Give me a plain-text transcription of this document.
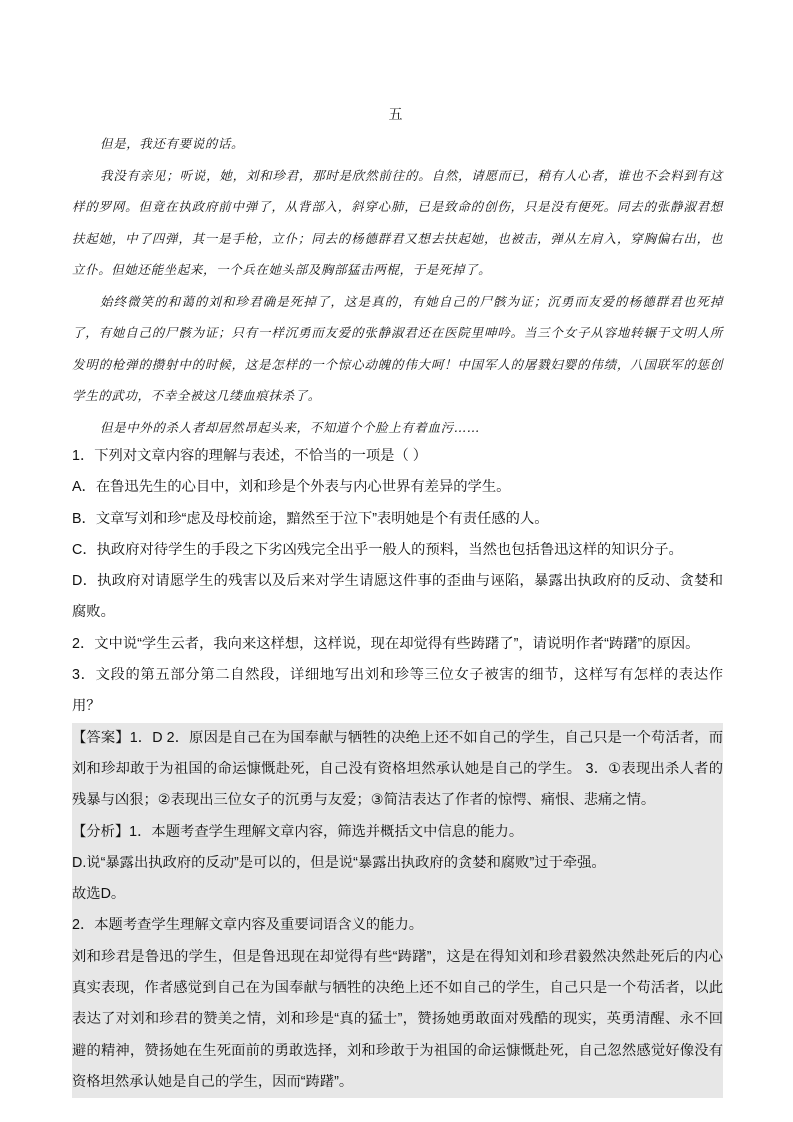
五

但是，我还有要说的话。

我没有亲见；听说，她，刘和珍君，那时是欣然前往的。自然，请愿而已，稍有人心者，谁也不会料到有这样的罗网。但竟在执政府前中弹了，从背部入，斜穿心肺，已是致命的创伤，只是没有便死。同去的张静淑君想扶起她，中了四弹，其一是手枪，立仆；同去的杨德群君又想去扶起她，也被击，弹从左肩入，穿胸偏右出，也立仆。但她还能坐起来，一个兵在她头部及胸部猛击两棍，于是死掉了。

始终微笑的和蔼的刘和珍君确是死掉了，这是真的，有她自己的尸骸为证；沉勇而友爱的杨德群君也死掉了，有她自己的尸骸为证；只有一样沉勇而友爱的张静淑君还在医院里呻吟。当三个女子从容地转辗于文明人所发明的枪弹的攒射中的时候，这是怎样的一个惊心动魄的伟大呵！中国军人的屠戮妇婴的伟绩，八国联军的惩创学生的武功，不幸全被这几缕血痕抹杀了。

但是中外的杀人者却居然昂起头来，不知道个个脸上有着血污……

1．下列对文章内容的理解与表述，不恰当的一项是（ ）

A．在鲁迅先生的心目中，刘和珍是个外表与内心世界有差异的学生。

B．文章写刘和珍“虑及母校前途，黯然至于泣下”表明她是个有责任感的人。

C．执政府对待学生的手段之下劣凶残完全出乎一般人的预料，当然也包括鲁迅这样的知识分子。

D．执政府对请愿学生的残害以及后来对学生请愿这件事的歪曲与诬陷，暴露出执政府的反动、贪婪和腐败。

2．文中说“学生云者，我向来这样想，这样说，现在却觉得有些踌躇了”，请说明作者“踌躇”的原因。

3．文段的第五部分第二自然段，详细地写出刘和珍等三位女子被害的细节，这样写有怎样的表达作用？

【答案】1．D 2．原因是自己在为国奉献与牺牲的决绝上还不如自己的学生，自己只是一个苟活者，而刘和珍却敢于为祖国的命运慷慨赴死，自己没有资格坦然承认她是自己的学生。 3．①表现出杀人者的残暴与凶狠；②表现出三位女子的沉勇与友爱；③简洁表达了作者的惊愕、痛恨、悲痛之情。

【分析】1．本题考查学生理解文章内容，筛选并概括文中信息的能力。

D.说“暴露出执政府的反动”是可以的，但是说“暴露出执政府的贪婪和腐败”过于牵强。

故选D。

2．本题考查学生理解文章内容及重要词语含义的能力。

刘和珍君是鲁迅的学生，但是鲁迅现在却觉得有些“踌躇”，这是在得知刘和珍君毅然决然赴死后的内心真实表现，作者感觉到自己在为国奉献与牺牲的决绝上还不如自己的学生，自己只是一个苟活者，以此表达了对刘和珍君的赞美之情，刘和珍是“真的猛士”，赞扬她勇敢面对残酷的现实，英勇清醒、永不回避的精神，赞扬她在生死面前的勇敢选择，刘和珍敢于为祖国的命运慷慨赴死，自己忽然感觉好像没有资格坦然承认她是自己的学生，因而“踌躇”。
